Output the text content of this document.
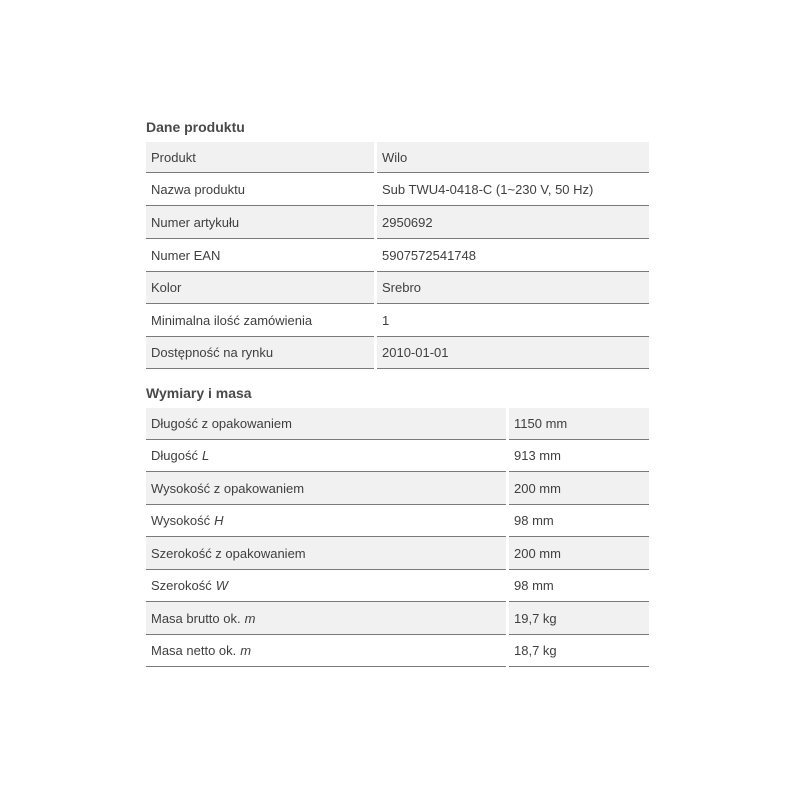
Dane produktu
Produkt	Wilo
Nazwa produktu	Sub TWU4-0418-C (1~230 V, 50 Hz)
Numer artykułu	2950692
Numer EAN	5907572541748
Kolor	Srebro
Minimalna ilość zamówienia	1
Dostępność na rynku	2010-01-01
Wymiary i masa
Długość z opakowaniem	1150 mm
Długość L	913 mm
Wysokość z opakowaniem	200 mm
Wysokość H	98 mm
Szerokość z opakowaniem	200 mm
Szerokość W	98 mm
Masa brutto ok. m	19,7 kg
Masa netto ok. m	18,7 kg
